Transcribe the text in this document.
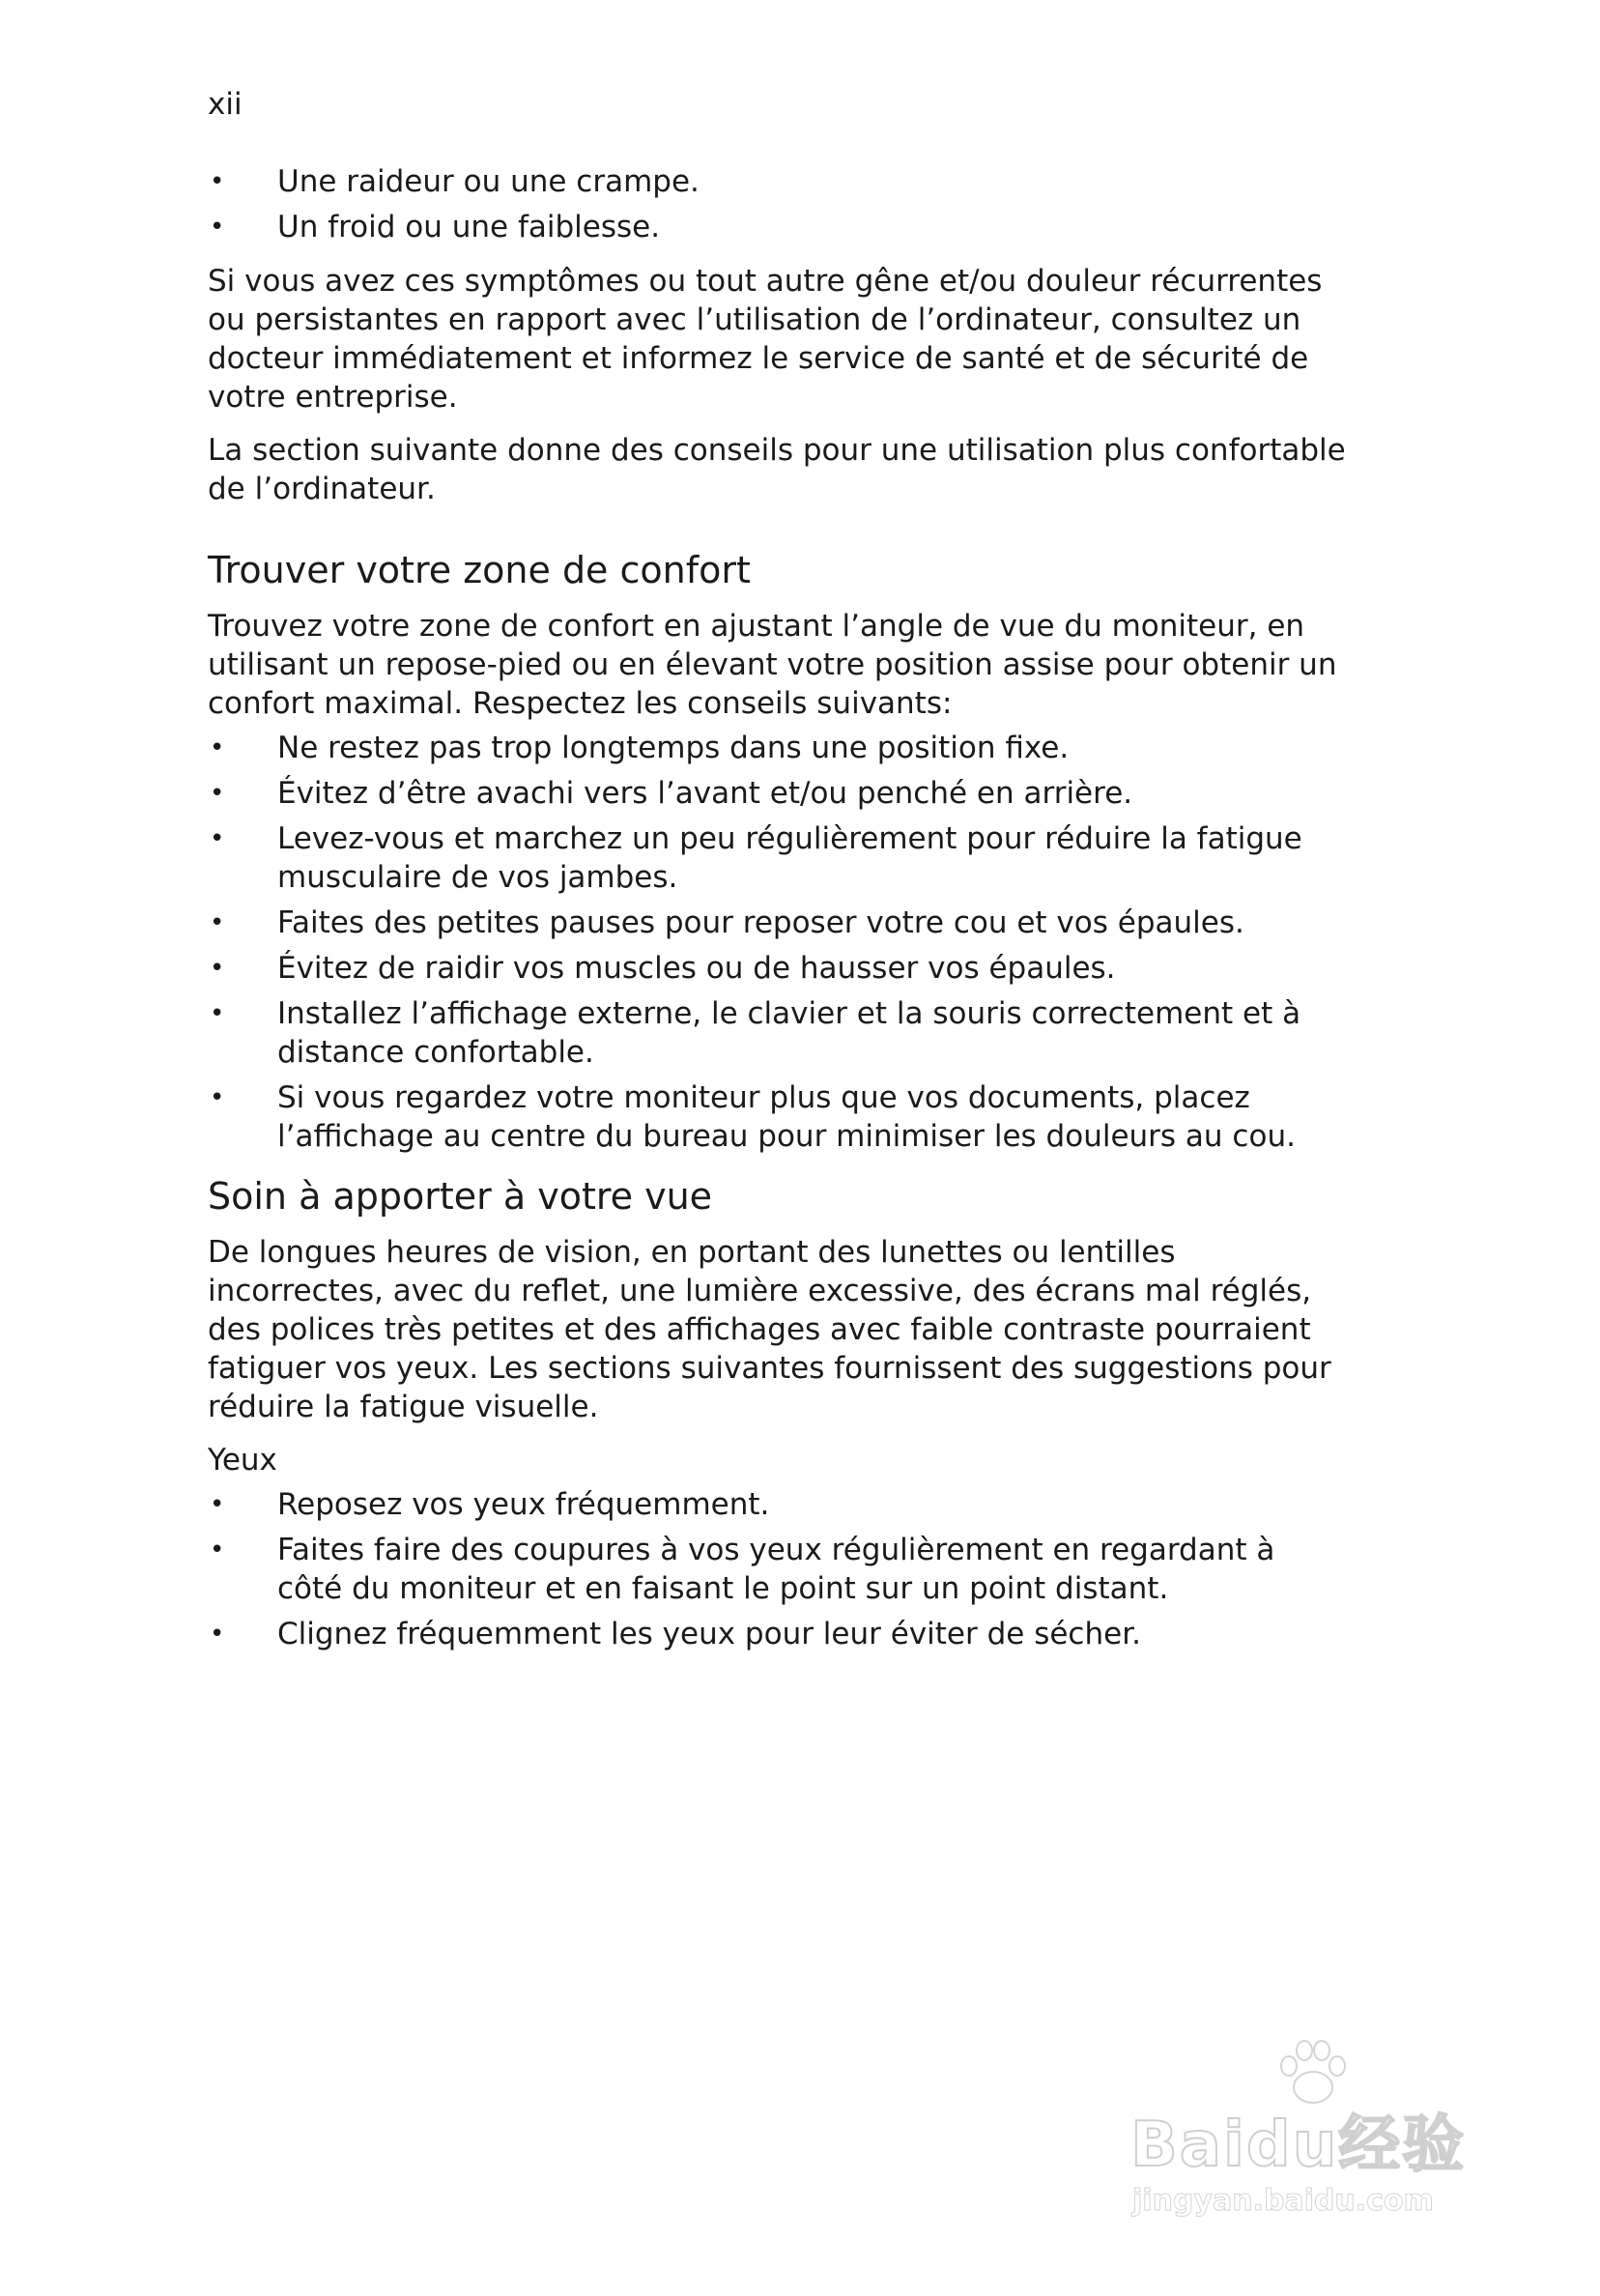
xii
• Une raideur ou une crampe.
• Un froid ou une faiblesse.

Si vous avez ces symptômes ou tout autre gêne et/ou douleur récurrentes ou persistantes en rapport avec l’utilisation de l’ordinateur, consultez un docteur immédiatement et informez le service de santé et de sécurité de votre entreprise.

La section suivante donne des conseils pour une utilisation plus confortable de l’ordinateur.

Trouver votre zone de confort

Trouvez votre zone de confort en ajustant l’angle de vue du moniteur, en utilisant un repose-pied ou en élevant votre position assise pour obtenir un confort maximal. Respectez les conseils suivants:

• Ne restez pas trop longtemps dans une position fixe.
• Évitez d’être avachi vers l’avant et/ou penché en arrière.
• Levez-vous et marchez un peu régulièrement pour réduire la fatigue musculaire de vos jambes.
• Faites des petites pauses pour reposer votre cou et vos épaules.
• Évitez de raidir vos muscles ou de hausser vos épaules.
• Installez l’affichage externe, le clavier et la souris correctement et à distance confortable.
• Si vous regardez votre moniteur plus que vos documents, placez l’affichage au centre du bureau pour minimiser les douleurs au cou.
Soin à apporter à votre vue

De longues heures de vision, en portant des lunettes ou lentilles incorrectes, avec du reflet, une lumière excessive, des écrans mal réglés, des polices très petites et des affichages avec faible contraste pourraient fatiguer vos yeux. Les sections suivantes fournissent des suggestions pour réduire la fatigue visuelle.

Yeux
• Reposez vos yeux fréquemment.
• Faites faire des coupures à vos yeux régulièrement en regardant à côté du moniteur et en faisant le point sur un point distant.
• Clignez fréquemment les yeux pour leur éviter de sécher.
Baidu经验
jingyan.baidu.com
